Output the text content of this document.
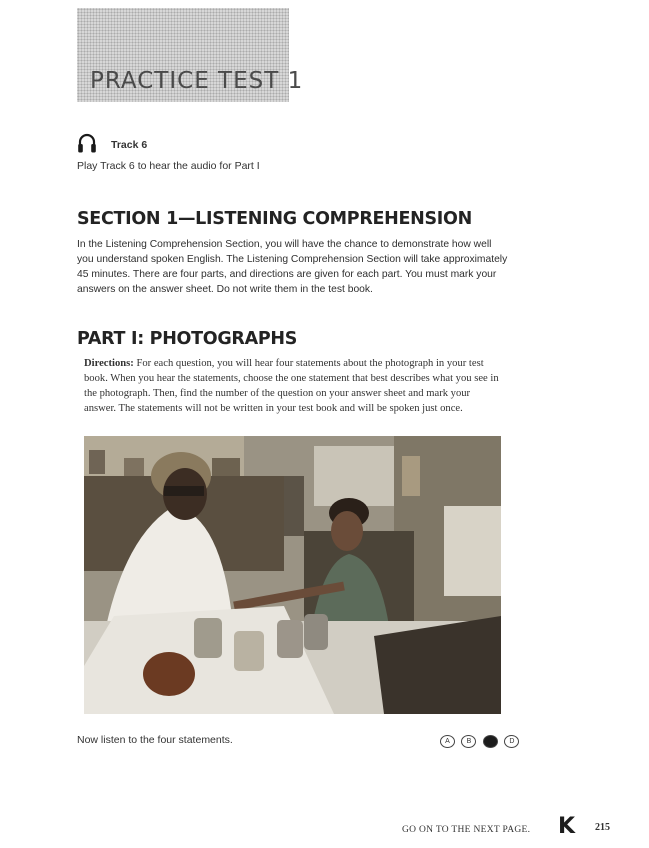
PRACTICE TEST 1
Track 6
Play Track 6 to hear the audio for Part I
SECTION 1—LISTENING COMPREHENSION

In the Listening Comprehension Section, you will have the chance to demonstrate how well you understand spoken English. The Listening Comprehension Section will take approximately 45 minutes. There are four parts, and directions are given for each part. You must mark your answers on the answer sheet. Do not write them in the test book.

PART I: PHOTOGRAPHS

Directions: For each question, you will hear four statements about the photograph in your test book. When you hear the statements, choose the one statement that best describes what you see in the photograph. Then, find the number of the question on your answer sheet and mark your answer. The statements will not be written in your test book and will be spoken just once.

Now listen to the four statements.	A B C D
GO ON TO THE NEXT PAGE. K 215
